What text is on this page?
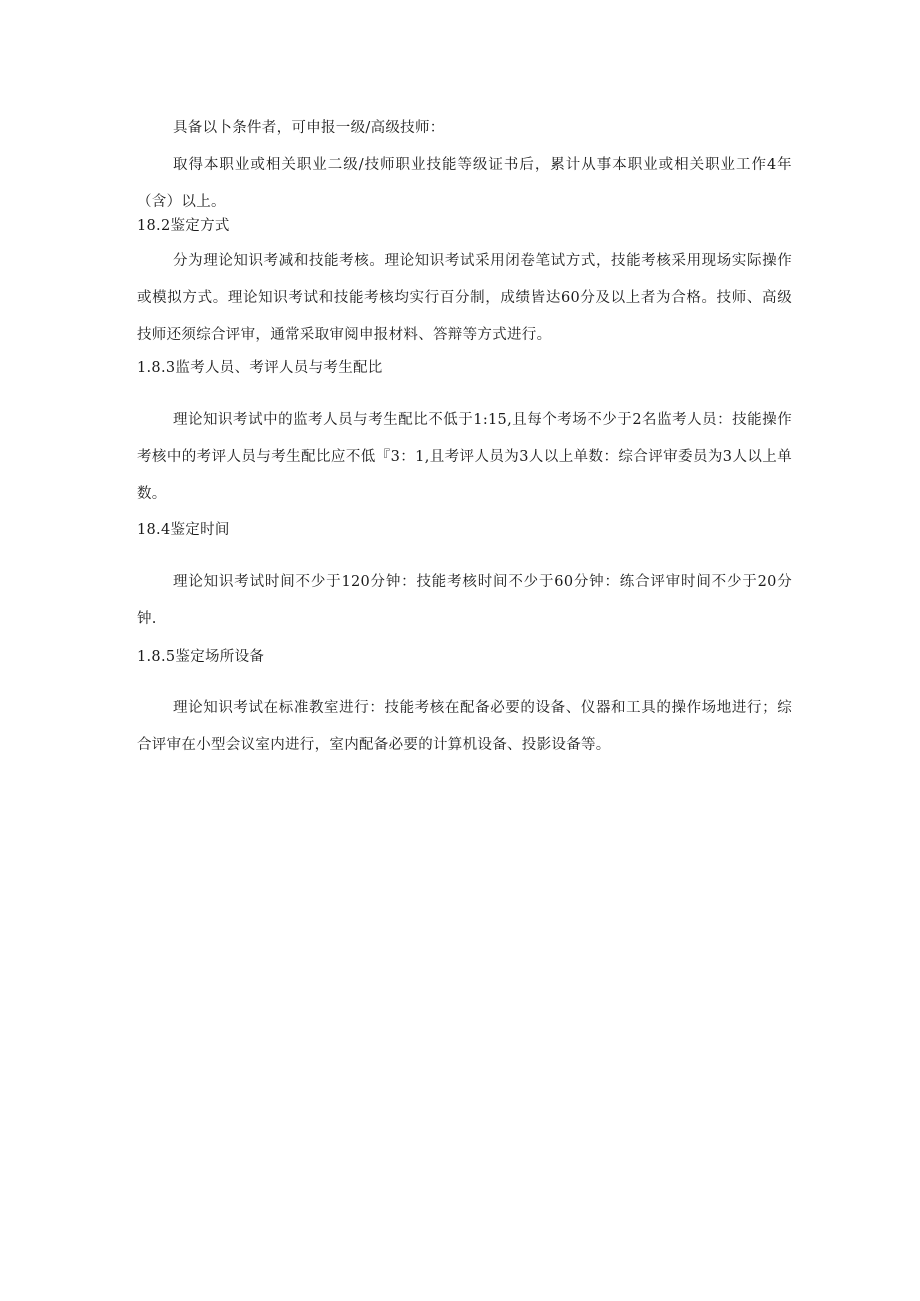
具备以卜条件者，可申报一级/高级技师：

取得本职业或相关职业二级/技师职业技能等级证书后，累计从事本职业或相关职业工作4年（含）以上。

18.2鉴定方式

分为理论知识考减和技能考核。理论知识考试采用闭卷笔试方式，技能考核采用现场实际操作或模拟方式。理论知识考试和技能考核均实行百分制，成绩皆达60分及以上者为合格。技师、高级技师还须综合评审，通常采取审阅申报材料、答辩等方式进行。

1.8.3监考人员、考评人员与考生配比

理论知识考试中的监考人员与考生配比不低于1:15,且每个考场不少于2名监考人员：技能操作考核中的考评人员与考生配比应不低『3：1,且考评人员为3人以上单数：综合评审委员为3人以上单数。

18.4鉴定时间

理论知识考试时间不少于120分钟：技能考核时间不少于60分钟：练合评审时间不少于20分钟.

1.8.5鉴定场所设备

理论知识考试在标准教室进行：技能考核在配备必要的设备、仪器和工具的操作场地进行；综合评审在小型会议室内进行，室内配备必要的计算机设备、投影设备等。
